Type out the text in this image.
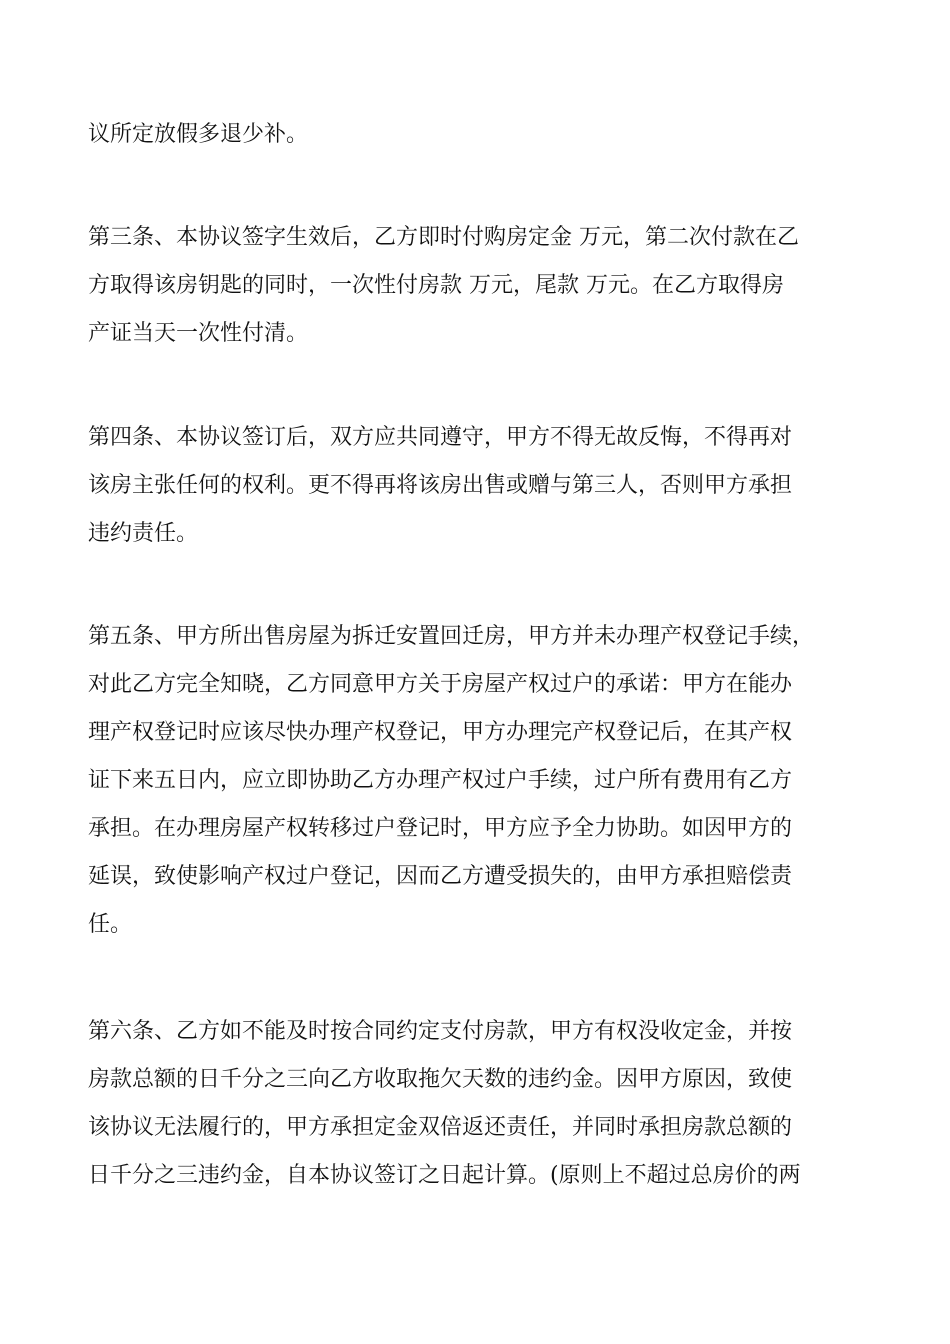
议所定放假多退少补。
第三条、本协议签字生效后，乙方即时付购房定金 万元，第二次付款在乙
方取得该房钥匙的同时，一次性付房款 万元，尾款 万元。在乙方取得房
产证当天一次性付清。
第四条、本协议签订后，双方应共同遵守，甲方不得无故反悔，不得再对
该房主张任何的权利。更不得再将该房出售或赠与第三人，否则甲方承担
违约责任。
第五条、甲方所出售房屋为拆迁安置回迁房，甲方并未办理产权登记手续，
对此乙方完全知晓，乙方同意甲方关于房屋产权过户的承诺：甲方在能办
理产权登记时应该尽快办理产权登记，甲方办理完产权登记后，在其产权
证下来五日内，应立即协助乙方办理产权过户手续，过户所有费用有乙方
承担。在办理房屋产权转移过户登记时，甲方应予全力协助。如因甲方的
延误，致使影响产权过户登记，因而乙方遭受损失的，由甲方承担赔偿责
任。
第六条、乙方如不能及时按合同约定支付房款，甲方有权没收定金，并按
房款总额的日千分之三向乙方收取拖欠天数的违约金。因甲方原因，致使
该协议无法履行的，甲方承担定金双倍返还责任，并同时承担房款总额的
日千分之三违约金，自本协议签订之日起计算。(原则上不超过总房价的两
